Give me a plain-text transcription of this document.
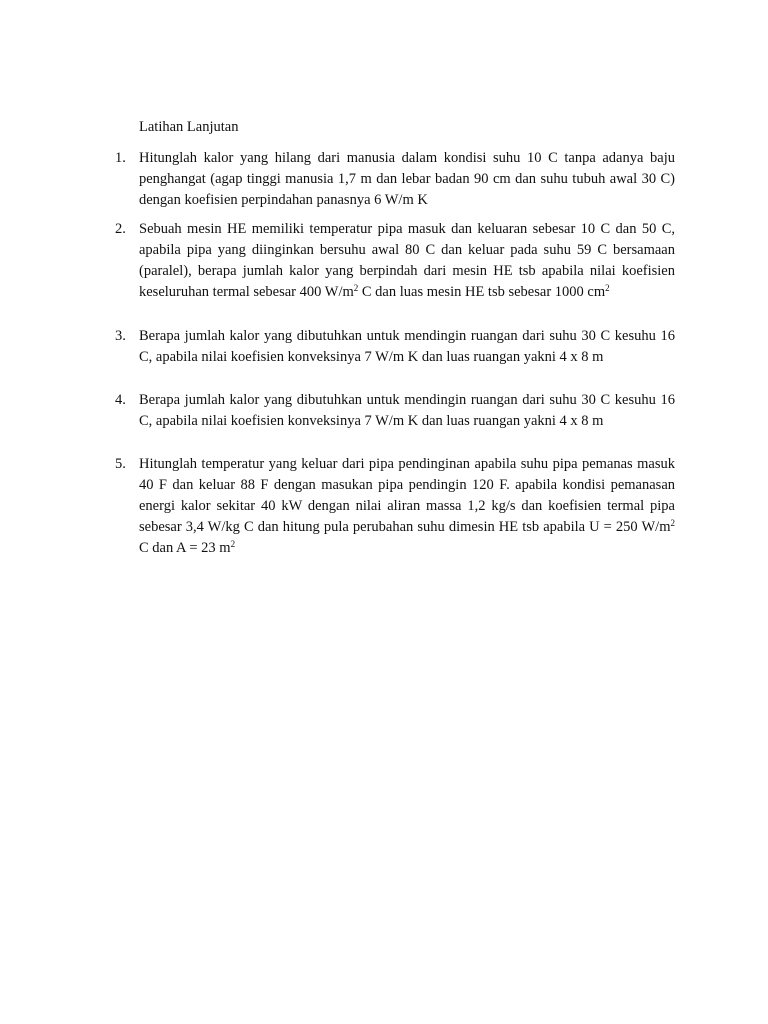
Latihan Lanjutan
1. Hitunglah kalor yang hilang dari manusia dalam kondisi suhu 10 C tanpa adanya baju penghangat (agap tinggi manusia 1,7 m dan lebar badan 90 cm dan suhu tubuh awal 30 C) dengan koefisien perpindahan panasnya 6 W/m K
2. Sebuah mesin HE memiliki temperatur pipa masuk dan keluaran sebesar 10 C dan 50 C, apabila pipa yang diinginkan bersuhu awal 80 C dan keluar pada suhu 59 C bersamaan (paralel), berapa jumlah kalor yang berpindah dari mesin HE tsb apabila nilai koefisien keseluruhan termal sebesar 400 $W/m^2$ C dan luas mesin HE tsb sebesar 1000 $cm^2$
3. Berapa jumlah kalor yang dibutuhkan untuk mendingin ruangan dari suhu 30 C kesuhu 16 C, apabila nilai koefisien konveksinya 7 W/m K dan luas ruangan yakni 4 x 8 m
4. Berapa jumlah kalor yang dibutuhkan untuk mendingin ruangan dari suhu 30 C kesuhu 16 C, apabila nilai koefisien konveksinya 7 W/m K dan luas ruangan yakni 4 x 8 m
5. Hitunglah temperatur yang keluar dari pipa pendinginan apabila suhu pipa pemanas masuk 40 F dan keluar 88 F dengan masukan pipa pendingin 120 F. apabila kondisi pemanasan energi kalor sekitar 40 kW dengan nilai aliran massa 1,2 kg/s dan koefisien termal pipa sebesar 3,4 W/kg C dan hitung pula perubahan suhu dimesin HE tsb apabila U = 250 $W/m^2$ C dan A = 23 $m^2$
